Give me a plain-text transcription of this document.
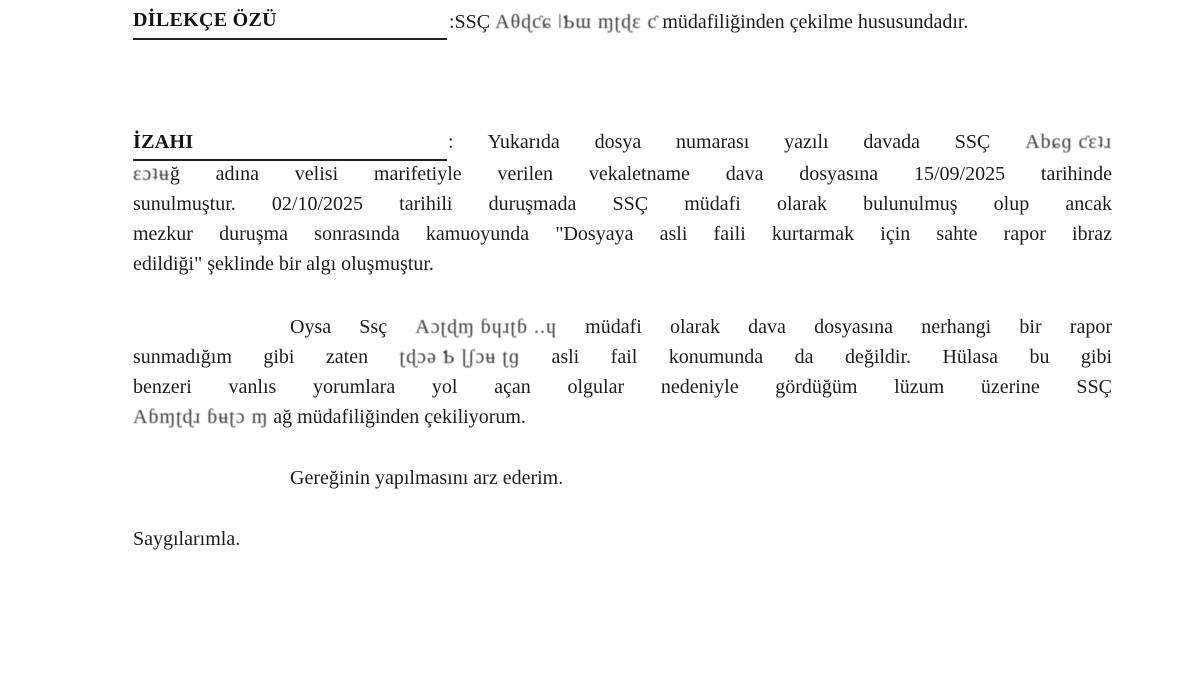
DİLEKÇE ÖZÜ	:SSÇ Aθɖƈɕ ǀƄɯ ɱʈɖɛ ƈ müdafiliğinden çekilme hususundadır.
İZAHI	: Yukarıda dosya numarası yazılı davada SSÇ Abɕɡ ƈɛʇɹ
ɛɔʇʉğ adına velisi marifetiyle verilen vekaletname dava dosyasına 15/09/2025 tarihinde
sunulmuştur. 02/10/2025 tarihili duruşmada SSÇ müdafi olarak bulunulmuş olup ancak
mezkur duruşma sonrasında kamuoyunda "Dosyaya asli faili kurtarmak için sahte rapor ibraz
edildiği" şeklinde bir algı oluşmuştur.
Oysa Ssç Aɔʈɖɱ ɓɥɹʈɓ ..ɥ müdafi olarak dava dosyasına nerhangi bir rapor
sunmadığım gibi zaten ʈɖɔə Ƅ ɭʃɔʉ ʈɡ asli fail konumunda da değildir. Hülasa bu gibi
benzeri vanlıs yorumlara yol açan olgular nedeniyle gördüğüm lüzum üzerine SSÇ
Aɓɱʈɖɹ ɓʉʈɔ ɱ ağ müdafiliğinden çekiliyorum.
Gereğinin yapılmasını arz ederim.
Saygılarımla.
